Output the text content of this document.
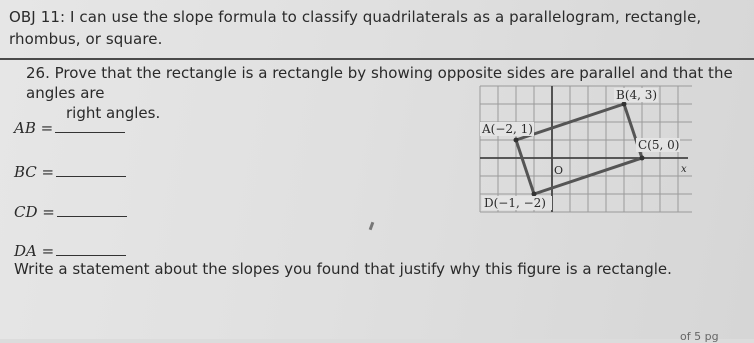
OBJ 11: I can use the slope formula to classify quadrilaterals as a parallelogram, rectangle, rhombus, or square.
26. Prove that the rectangle is a rectangle by showing opposite sides are parallel and that the angles are
right angles.
AB =
BC =
CD =
DA =
Write a statement about the slopes you found that justify why this figure is a rectangle.
B(4, 3)
A(−2, 1)
C(5, 0)
D(−1, −2)
O	x
of 5 pg
